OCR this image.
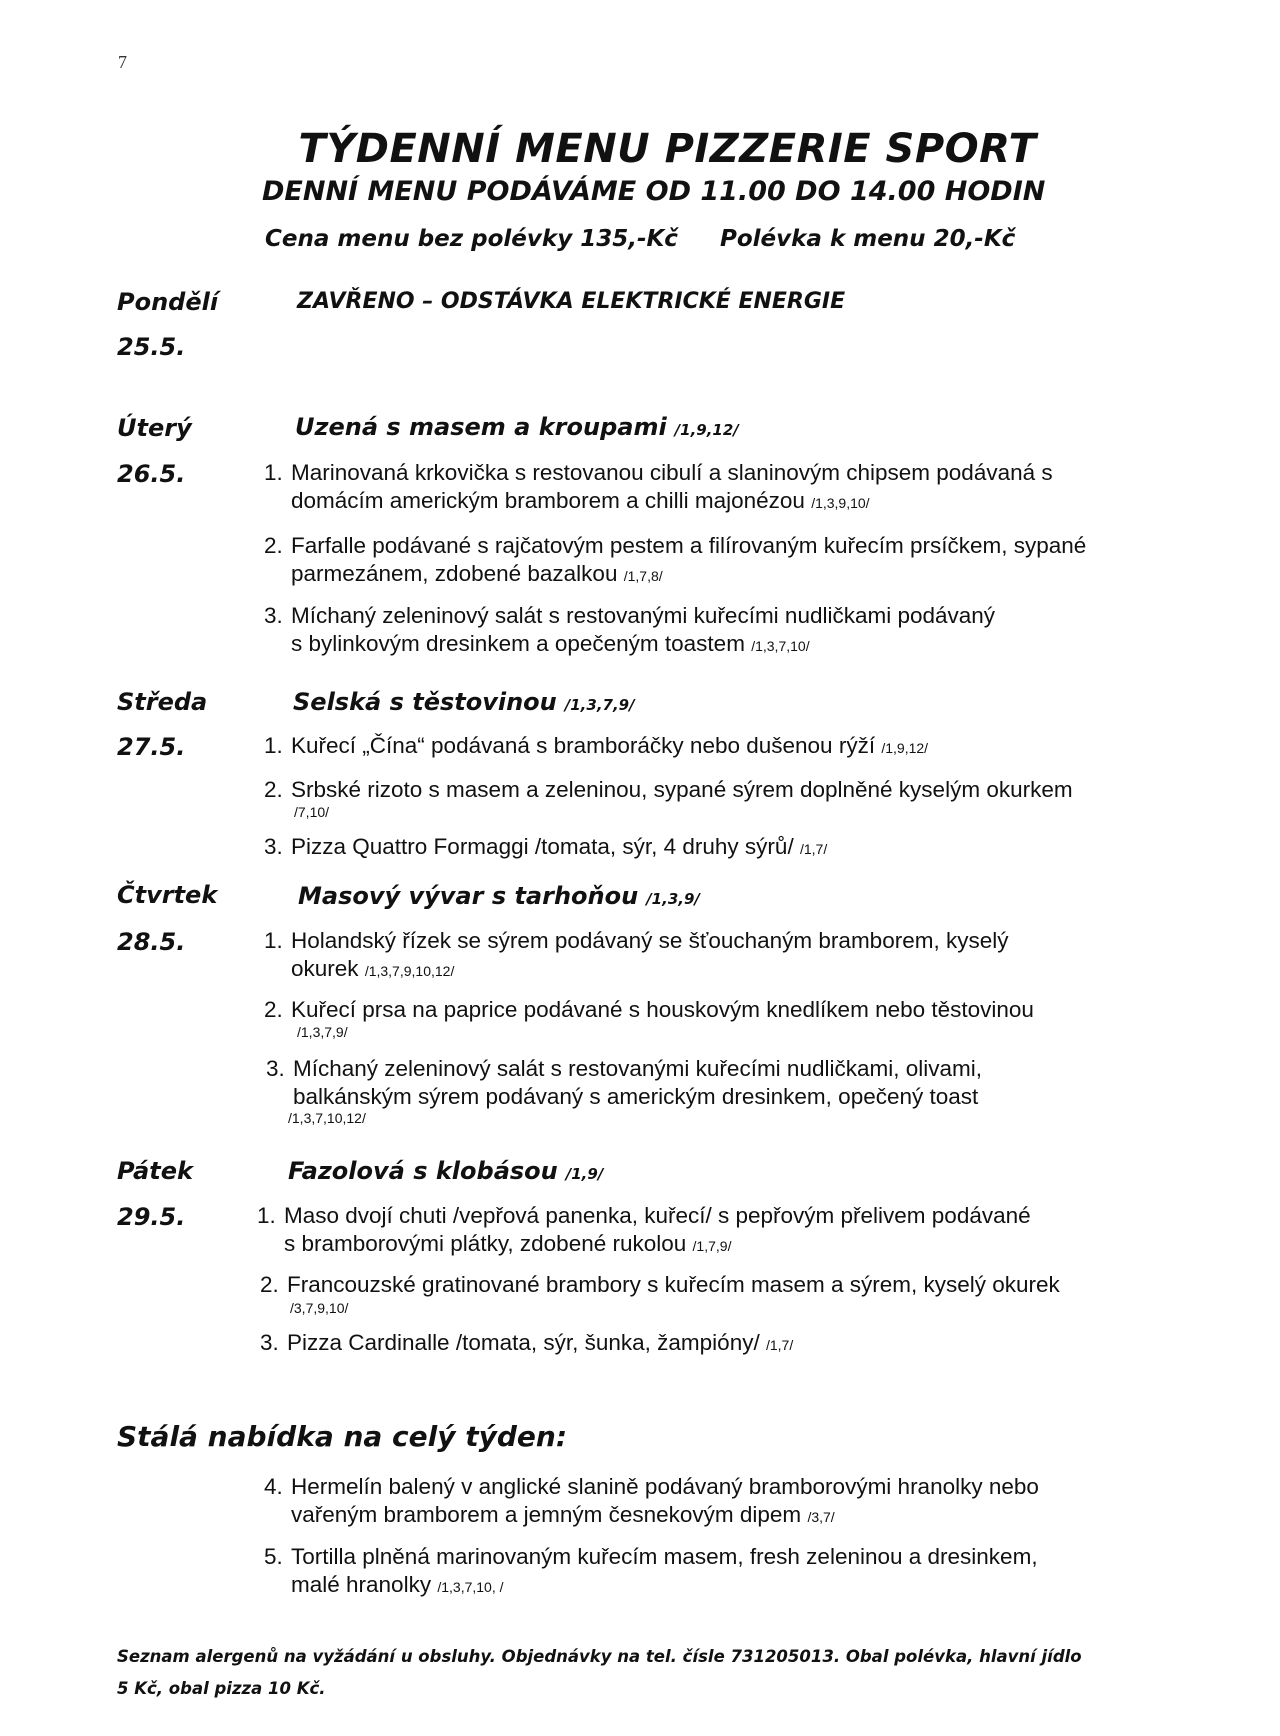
7
TÝDENNÍ MENU PIZZERIE SPORT
DENNÍ MENU PODÁVÁME OD 11.00 DO 14.00 HODIN
Cena menu bez polévky 135,-Kč Polévka k menu 20,-Kč
Pondělí	ZAVŘENO – ODSTÁVKA ELEKTRICKÉ ENERGIE
25.5.
Úterý	Uzená s masem a kroupami /1,9,12/
26.5.	1. Marinovaná krkovička s restovanou cibulí a slaninovým chipsem podávaná s
domácím americkým bramborem a chilli majonézou /1,3,9,10/
2. Farfalle podávané s rajčatovým pestem a filírovaným kuřecím prsíčkem, sypané
parmezánem, zdobené bazalkou /1,7,8/
3. Míchaný zeleninový salát s restovanými kuřecími nudličkami podávaný
s bylinkovým dresinkem a opečeným toastem /1,3,7,10/
Středa	Selská s těstovinou /1,3,7,9/
27.5.	1. Kuřecí „Čína“ podávaná s bramboráčky nebo dušenou rýží /1,9,12/
2. Srbské rizoto s masem a zeleninou, sypané sýrem doplněné kyselým okurkem
/7,10/
3. Pizza Quattro Formaggi /tomata, sýr, 4 druhy sýrů/ /1,7/
Čtvrtek	Masový vývar s tarhoňou /1,3,9/
28.5.	1. Holandský řízek se sýrem podávaný se šťouchaným bramborem, kyselý
okurek /1,3,7,9,10,12/
2. Kuřecí prsa na paprice podávané s houskovým knedlíkem nebo těstovinou
/1,3,7,9/
3. Míchaný zeleninový salát s restovanými kuřecími nudličkami, olivami,
balkánským sýrem podávaný s americkým dresinkem, opečený toast
/1,3,7,10,12/
Pátek	Fazolová s klobásou /1,9/
29.5.	1. Maso dvojí chuti /vepřová panenka, kuřecí/ s pepřovým přelivem podávané
s bramborovými plátky, zdobené rukolou /1,7,9/
2. Francouzské gratinované brambory s kuřecím masem a sýrem, kyselý okurek
/3,7,9,10/
3. Pizza Cardinalle /tomata, sýr, šunka, žampióny/ /1,7/
Stálá nabídka na celý týden:
4. Hermelín balený v anglické slanině podávaný bramborovými hranolky nebo
vařeným bramborem a jemným česnekovým dipem /3,7/
5. Tortilla plněná marinovaným kuřecím masem, fresh zeleninou a dresinkem,
malé hranolky /1,3,7,10, /
Seznam alergenů na vyžádání u obsluhy. Objednávky na tel. čísle 731205013. Obal polévka, hlavní jídlo
5 Kč, obal pizza 10 Kč.
